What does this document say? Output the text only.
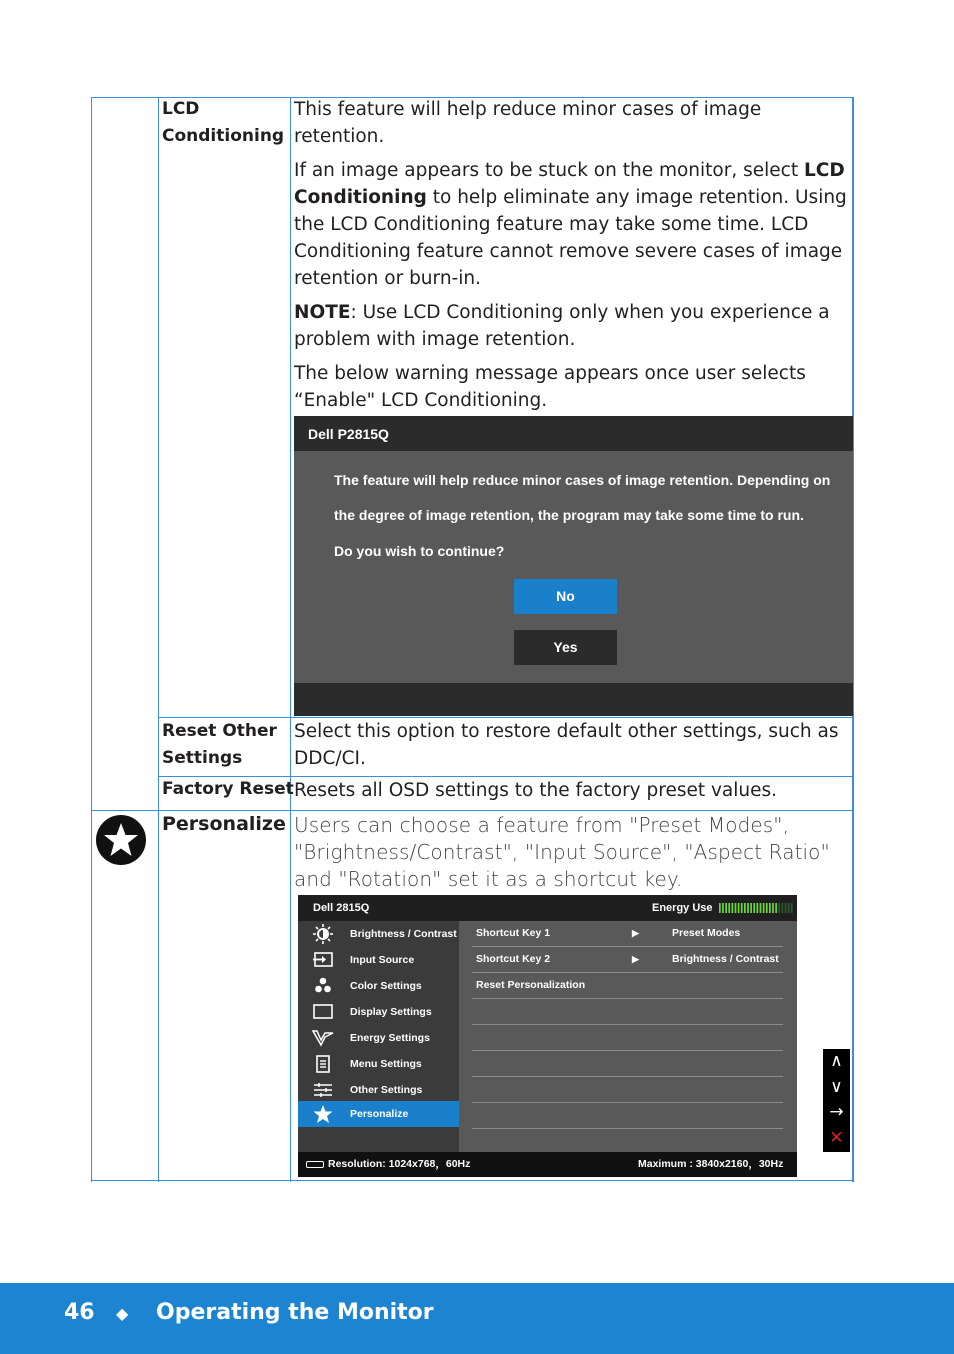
LCD
Conditioning

This feature will help reduce minor cases of image retention.

If an image appears to be stuck on the monitor, select LCD Conditioning to help eliminate any image retention. Using the LCD Conditioning feature may take some time. LCD Conditioning feature cannot remove severe cases of image retention or burn-in.

NOTE: Use LCD Conditioning only when you experience a problem with image retention.

The below warning message appears once user selects “Enable" LCD Conditioning.

Dell P2815Q
The feature will help reduce minor cases of image retention. Depending on
the degree of image retention, the program may take some time to run.
Do you wish to continue?
No
Yes
Reset Other
Settings
Select this option to restore default other settings, such as DDC/CI.
Factory Reset Resets all OSD settings to the factory preset values.
Personalize Users can choose a feature from "Preset Modes", "Brightness/Contrast", "Input Source", "Aspect Ratio" and "Rotation" set it as a shortcut key.
Dell 2815Q	Energy Use
Brightness / Contrast
Input Source
Color Settings
Display Settings
Energy Settings
Menu Settings
Other Settings
Personalize
Shortcut Key 1	▶	Preset Modes
Shortcut Key 2	▶	Brightness / Contrast
Reset Personalization
Resolution: 1024x768，60Hz	Maximum : 3840x2160，30Hz
∧
∨
→
✕
46 ◆ Operating the Monitor
